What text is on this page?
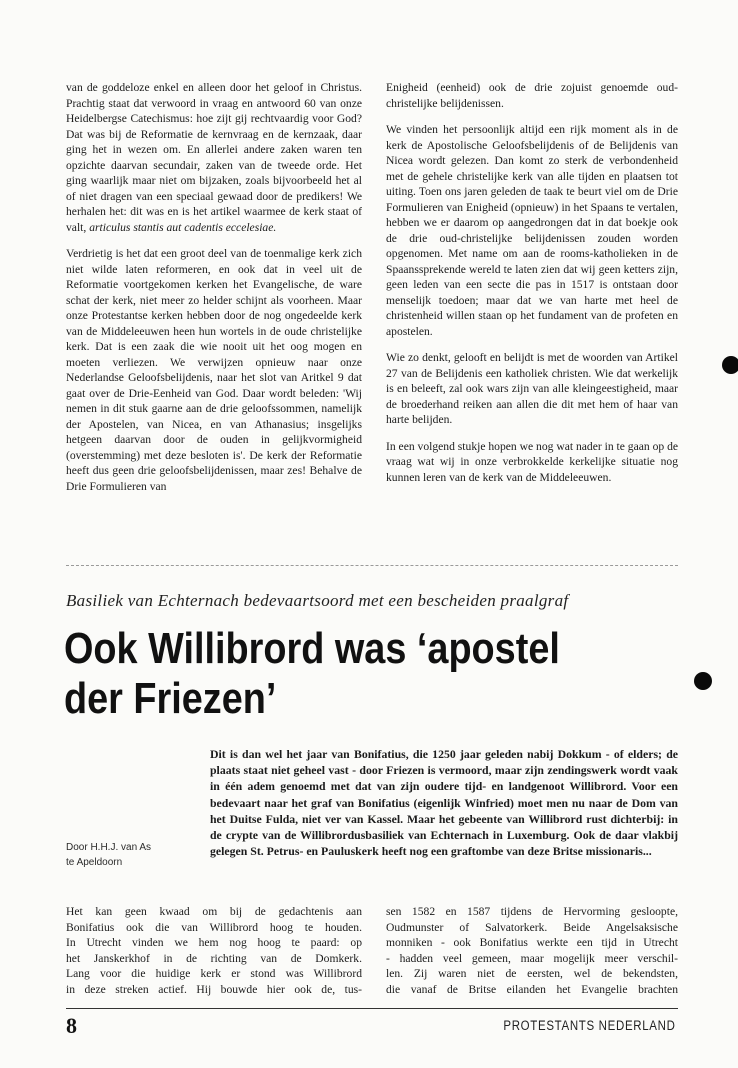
van de goddeloze enkel en alleen door het geloof in Christus. Prachtig staat dat verwoord in vraag en antwoord 60 van onze Heidelbergse Catechismus: hoe zijt gij rechtvaardig voor God? Dat was bij de Reformatie de kernvraag en de kernzaak, daar ging het in wezen om. En allerlei andere zaken waren ten opzichte daarvan secundair, zaken van de tweede orde. Het ging waarlijk maar niet om bijzaken, zoals bijvoorbeeld het al of niet dragen van een speciaal gewaad door de predikers! We herhalen het: dit was en is het artikel waarmee de kerk staat of valt, articulus stantis aut cadentis eccelesiae.

Verdrietig is het dat een groot deel van de toenmalige kerk zich niet wilde laten reformeren, en ook dat in veel uit de Reformatie voortgekomen kerken het Evangelische, de ware schat der kerk, niet meer zo helder schijnt als voorheen. Maar onze Protestantse kerken hebben door de nog ongedeelde kerk van de Middeleeuwen heen hun wortels in de oude christelijke kerk. Dat is een zaak die wie nooit uit het oog mogen en moeten verliezen. We verwijzen opnieuw naar onze Nederlandse Geloofsbelijdenis, naar het slot van Aritkel 9 dat gaat over de Drie-Eenheid van God. Daar wordt beleden: 'Wij nemen in dit stuk gaarne aan de drie geloofssommen, namelijk der Apostelen, van Nicea, en van Athanasius; insgelijks hetgeen daarvan door de ouden in gelijkvormigheid (overstemming) met deze besloten is'. De kerk der Reformatie heeft dus geen drie geloofsbelijdenissen, maar zes! Behalve de Drie Formulieren van

Enigheid (eenheid) ook de drie zojuist genoemde oud-christelijke belijdenissen.

We vinden het persoonlijk altijd een rijk moment als in de kerk de Apostolische Geloofsbelijdenis of de Belijdenis van Nicea wordt gelezen. Dan komt zo sterk de verbondenheid met de gehele christelijke kerk van alle tijden en plaatsen tot uiting. Toen ons jaren geleden de taak te beurt viel om de Drie Formulieren van Enigheid (opnieuw) in het Spaans te vertalen, hebben we er daarom op aangedrongen dat in dat boekje ook de drie oud-christelijke belijdenissen zouden worden opgenomen. Met name om aan de rooms-katholieken in de Spaanssprekende wereld te laten zien dat wij geen ketters zijn, geen leden van een secte die pas in 1517 is ontstaan door menselijk toedoen; maar dat we van harte met heel de christenheid willen staan op het fundament van de profeten en apostelen.

Wie zo denkt, gelooft en belijdt is met de woorden van Artikel 27 van de Belijdenis een katholiek christen. Wie dat werkelijk is en beleeft, zal ook wars zijn van alle kleingeestigheid, maar de broederhand reiken aan allen die dit met hem of haar van harte belijden.

In een volgend stukje hopen we nog wat nader in te gaan op de vraag wat wij in onze verbrokkelde kerkelijke situatie nog kunnen leren van de kerk van de Middeleeuwen.

Basiliek van Echternach bedevaartsoord met een bescheiden praalgraf
Ook Willibrord was ‘apostel
der Friezen’

Dit is dan wel het jaar van Bonifatius, die 1250 jaar geleden nabij Dokkum - of elders; de plaats staat niet geheel vast - door Friezen is vermoord, maar zijn zendingswerk wordt vaak in één adem genoemd met dat van zijn oudere tijd- en landgenoot Willibrord. Voor een bedevaart naar het graf van Bonifatius (eigenlijk Winfried) moet men nu naar de Dom van het Duitse Fulda, niet ver van Kassel. Maar het gebeente van Willibrord rust dichterbij: in de crypte van de Willibrordusbasiliek van Echternach in Luxemburg. Ook de daar vlakbij gelegen St. Petrus- en Pauluskerk heeft nog een graftombe van deze Britse missionaris...

Door H.H.J. van As
te Apeldoorn
Het kan geen kwaad om bij de gedachtenis aan
Bonifatius ook die van Willibrord hoog te houden.
In Utrecht vinden we hem nog hoog te paard: op
het Janskerkhof in de richting van de Domkerk.
Lang voor die huidige kerk er stond was Willibrord
in deze streken actief. Hij bouwde hier ook de, tus-
sen 1582 en 1587 tijdens de Hervorming gesloopte,
Oudmunster of Salvatorkerk. Beide Angelsaksische
monniken - ook Bonifatius werkte een tijd in Utrecht
- hadden veel gemeen, maar mogelijk meer verschil-
len. Zij waren niet de eersten, wel de bekendsten,
die vanaf de Britse eilanden het Evangelie brachten
8	PROTESTANTS NEDERLAND
